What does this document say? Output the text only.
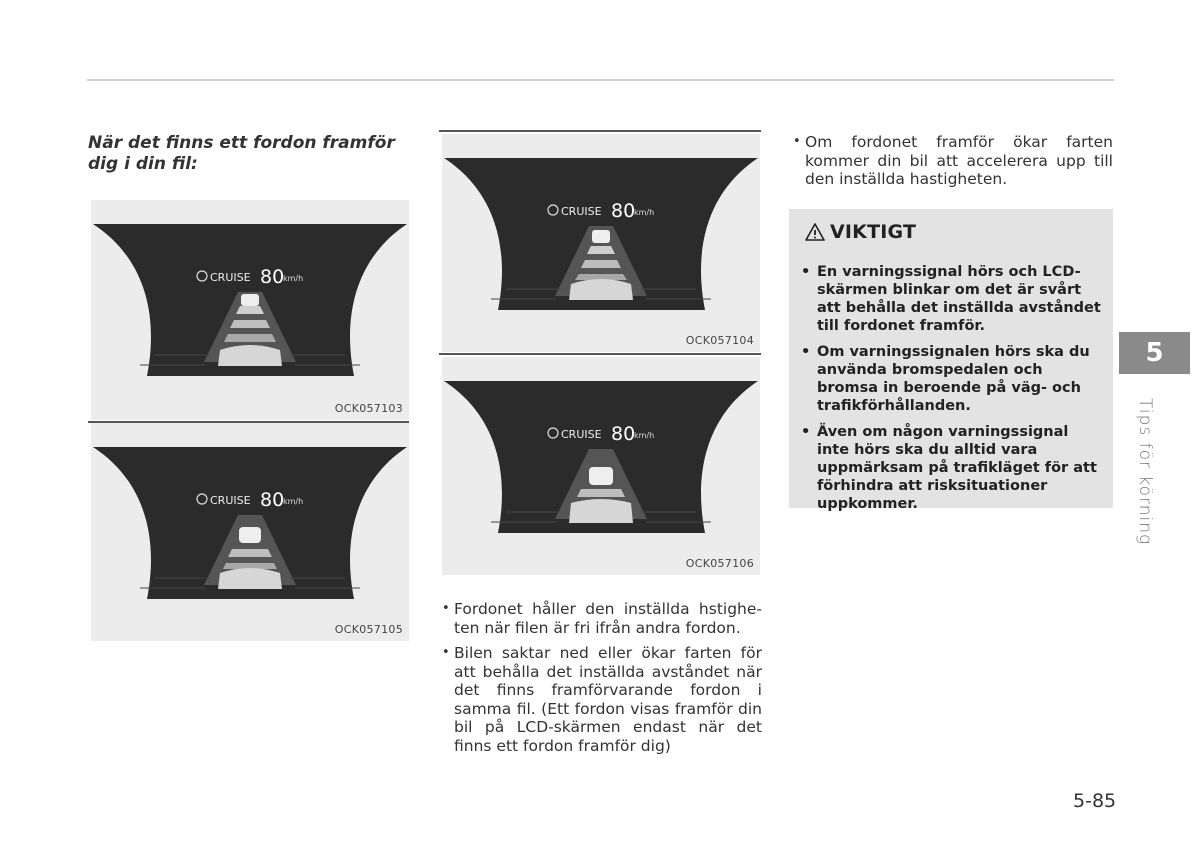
När det finns ett fordon framför dig i din fil:
CRUISE 80
km/h
OCK057103
CRUISE 80
km/h
OCK057105
CRUISE 80
km/h
OCK057104
CRUISE 80
km/h
OCK057106
• Fordonet håller den inställda hstigheten när filen är fri ifrån andra fordon.
• Bilen saktar ned eller ökar farten för att behålla det inställda avståndet när det finns framförvarande fordon i samma fil. (Ett fordon visas framför din bil på LCD-skärmen endast när det finns ett fordon framför dig)
• Om fordonet framför ökar farten kommer din bil att accelerera upp till den inställda hastigheten.
VIKTIGT
• En varningssignal hörs och LCD-skärmen blinkar om det är svårt att behålla det inställda avståndet till fordonet framför.
• Om varningssignalen hörs ska du använda bromspedalen och bromsa in beroende på väg- och trafikförhållanden.
• Även om någon varningssignal inte hörs ska du alltid vara uppmärksam på trafikläget för att förhindra att risksituationer uppkommer.
5
Tips för körning
5-85
